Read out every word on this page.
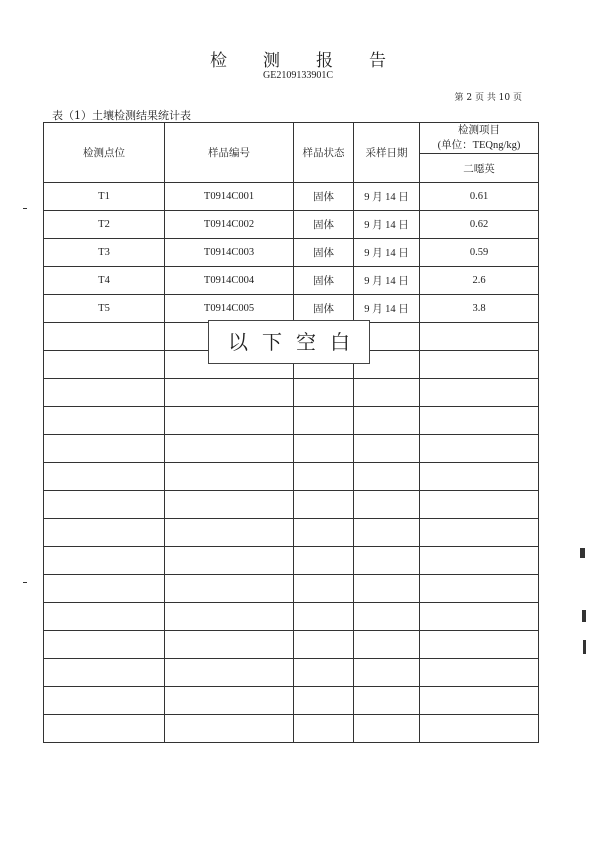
检 测 报 告
GE2109133901C
第 2 页 共 10 页
表（1）土壤检测结果统计表
检测点位	样品编号	样品状态	采样日期	检测项目
(单位：TEQng/kg)

				二噁英
T1	T0914C001	固体	9 月 14 日	0.61
T2	T0914C002	固体	9 月 14 日	0.62
T3	T0914C003	固体	9 月 14 日	0.59
T4	T0914C004	固体	9 月 14 日	2.6
T5	T0914C005	固体	9 月 14 日	3.8

以 下 空 白
